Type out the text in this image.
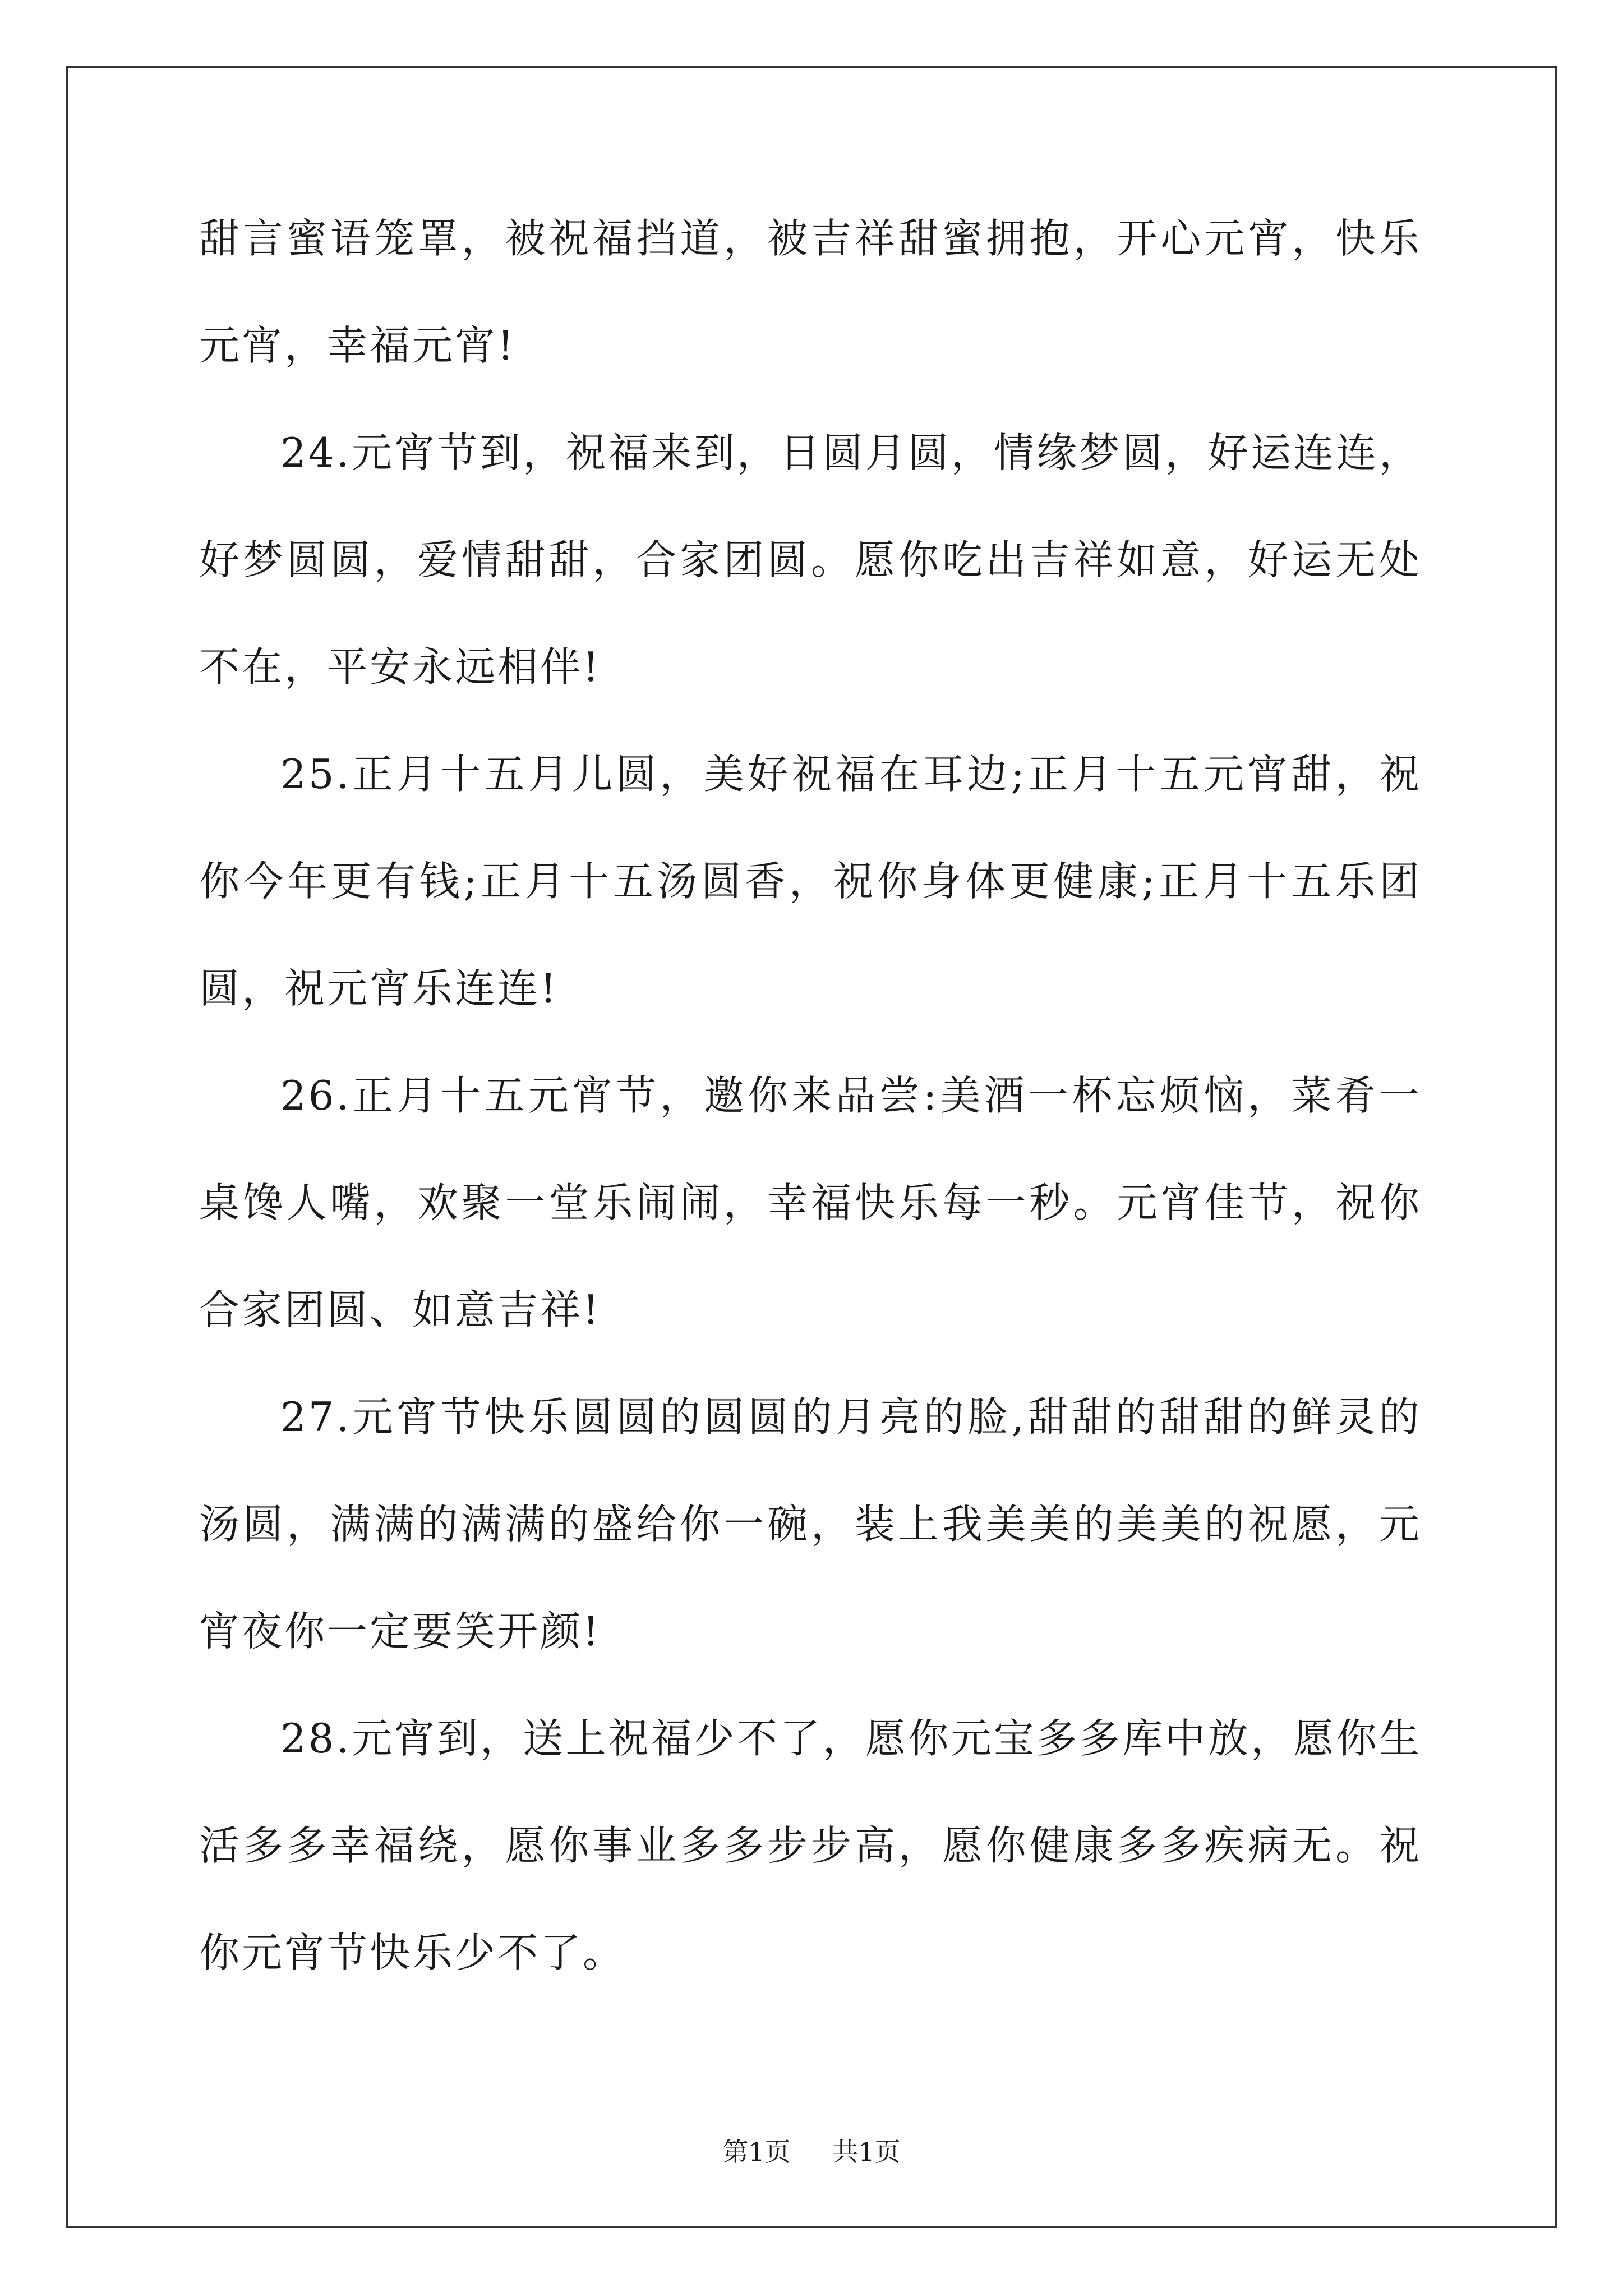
甜言蜜语笼罩，被祝福挡道，被吉祥甜蜜拥抱，开心元宵，快乐元宵，幸福元宵!

24.元宵节到，祝福来到，日圆月圆，情缘梦圆，好运连连，好梦圆圆，爱情甜甜，合家团圆。愿你吃出吉祥如意，好运无处不在，平安永远相伴!

25.正月十五月儿圆，美好祝福在耳边;正月十五元宵甜，祝你今年更有钱;正月十五汤圆香，祝你身体更健康;正月十五乐团圆，祝元宵乐连连!

26.正月十五元宵节，邀你来品尝:美酒一杯忘烦恼，菜肴一桌馋人嘴，欢聚一堂乐闹闹，幸福快乐每一秒。元宵佳节，祝你合家团圆、如意吉祥!

27.元宵节快乐圆圆的圆圆的月亮的脸,甜甜的甜甜的鲜灵的汤圆，满满的满满的盛给你一碗，装上我美美的美美的祝愿，元宵夜你一定要笑开颜!

28.元宵到，送上祝福少不了，愿你元宝多多库中放，愿你生活多多幸福绕，愿你事业多多步步高，愿你健康多多疾病无。祝你元宵节快乐少不了。

第1页 共1页
